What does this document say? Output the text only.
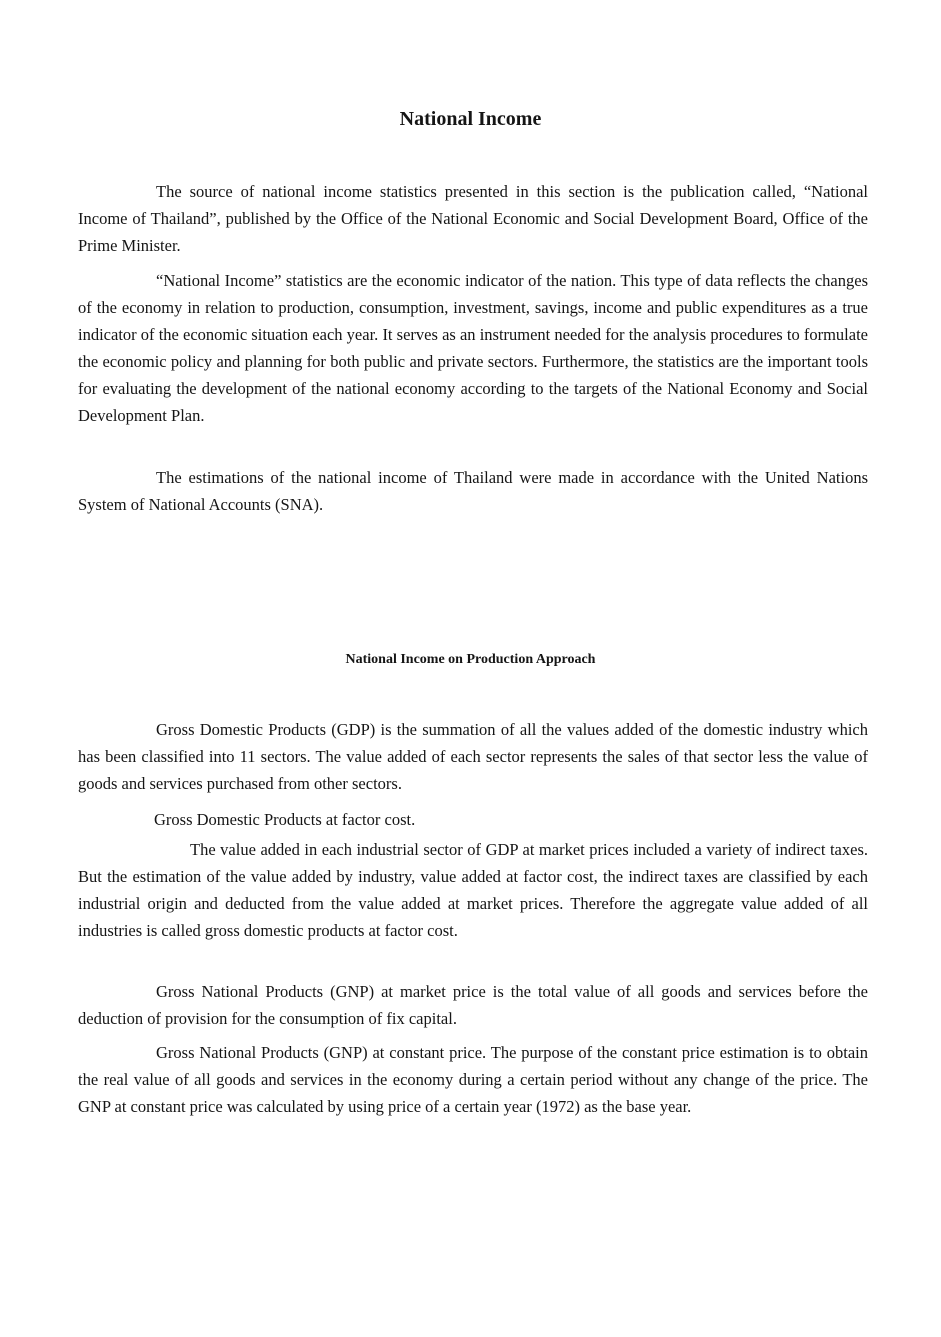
National Income

The source of national income statistics presented in this section is the publication called, “National Income of Thailand”, published by the Office of the National Economic and Social Development Board, Office of the Prime Minister.

“National Income” statistics are the economic indicator of the nation. This type of data reflects the changes of the economy in relation to production, consumption, investment, savings, income and public expenditures as a true indicator of the economic situation each year. It serves as an instrument needed for the analysis procedures to formulate the economic policy and planning for both public and private sectors. Furthermore, the statistics are the important tools for evaluating the development of the national economy according to the targets of the National Economy and Social Development Plan.

The estimations of the national income of Thailand were made in accordance with the United Nations System of National Accounts (SNA).

National Income on Production Approach

Gross Domestic Products (GDP) is the summation of all the values added of the domestic industry which has been classified into 11 sectors. The value added of each sector represents the sales of that sector less the value of goods and services purchased from other sectors.

Gross Domestic Products at factor cost.

The value added in each industrial sector of GDP at market prices included a variety of indirect taxes. But the estimation of the value added by industry, value added at factor cost, the indirect taxes are classified by each industrial origin and deducted from the value added at market prices. Therefore the aggregate value added of all industries is called gross domestic products at factor cost.

Gross National Products (GNP) at market price is the total value of all goods and services before the deduction of provision for the consumption of fix capital.

Gross National Products (GNP) at constant price. The purpose of the constant price estimation is to obtain the real value of all goods and services in the economy during a certain period without any change of the price. The GNP at constant price was calculated by using price of a certain year (1972) as the base year.
